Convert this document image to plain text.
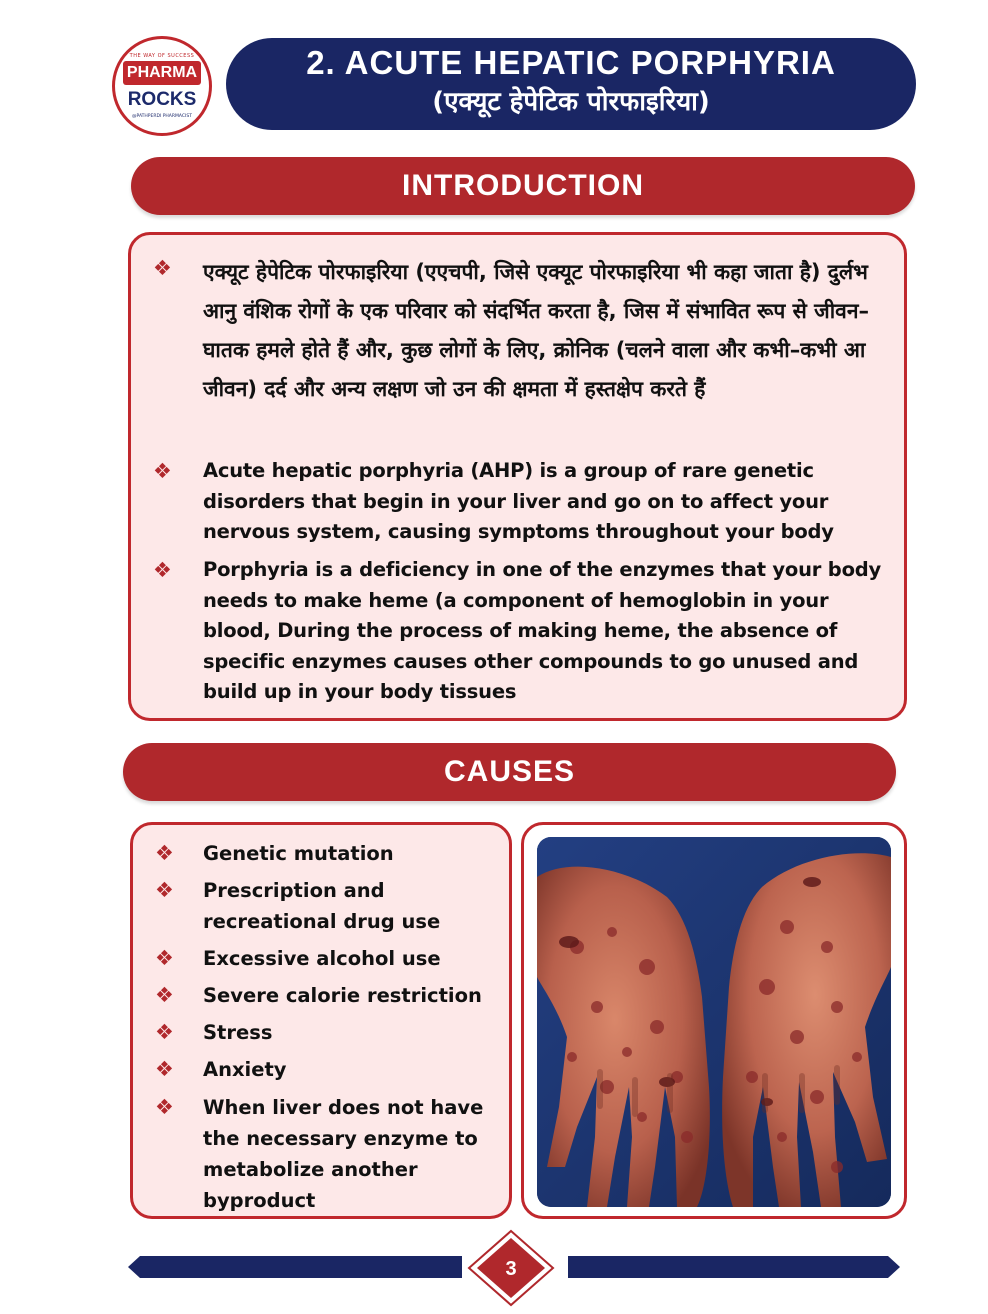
THE WAY OF SUCCESS
PHARMA
ROCKS
@PATHPERDI PHARMACIST
2. ACUTE HEPATIC PORPHYRIA
(एक्यूट हेपेटिक पोरफाइरिया)
INTRODUCTION
❖ एक्यूट हेपेटिक पोरफाइरिया (एएचपी, जिसे एक्यूट पोरफाइरिया भी कहा जाता है) दुर्लभ आनु वंशिक रोगों के एक परिवार को संदर्भित करता है, जिस में संभावित रूप से जीवन–घातक हमले होते हैं और, कुछ लोगों के लिए, क्रोनिक (चलने वाला और कभी–कभी आ जीवन) दर्द और अन्य लक्षण जो उन की क्षमता में हस्तक्षेप करते हैं
❖ Acute hepatic porphyria (AHP) is a group of rare genetic disorders that begin in your liver and go on to affect your nervous system, causing symptoms throughout your body
❖ Porphyria is a deficiency in one of the enzymes that your body needs to make heme (a component of hemoglobin in your blood, During the process of making heme, the absence of specific enzymes causes other compounds to go unused and build up in your body tissues
CAUSES
❖ Genetic mutation
❖ Prescription and recreational drug use
❖ Excessive alcohol use
❖ Severe calorie restriction
❖ Stress
❖ Anxiety
❖ When liver does not have the necessary enzyme to metabolize another byproduct
3
